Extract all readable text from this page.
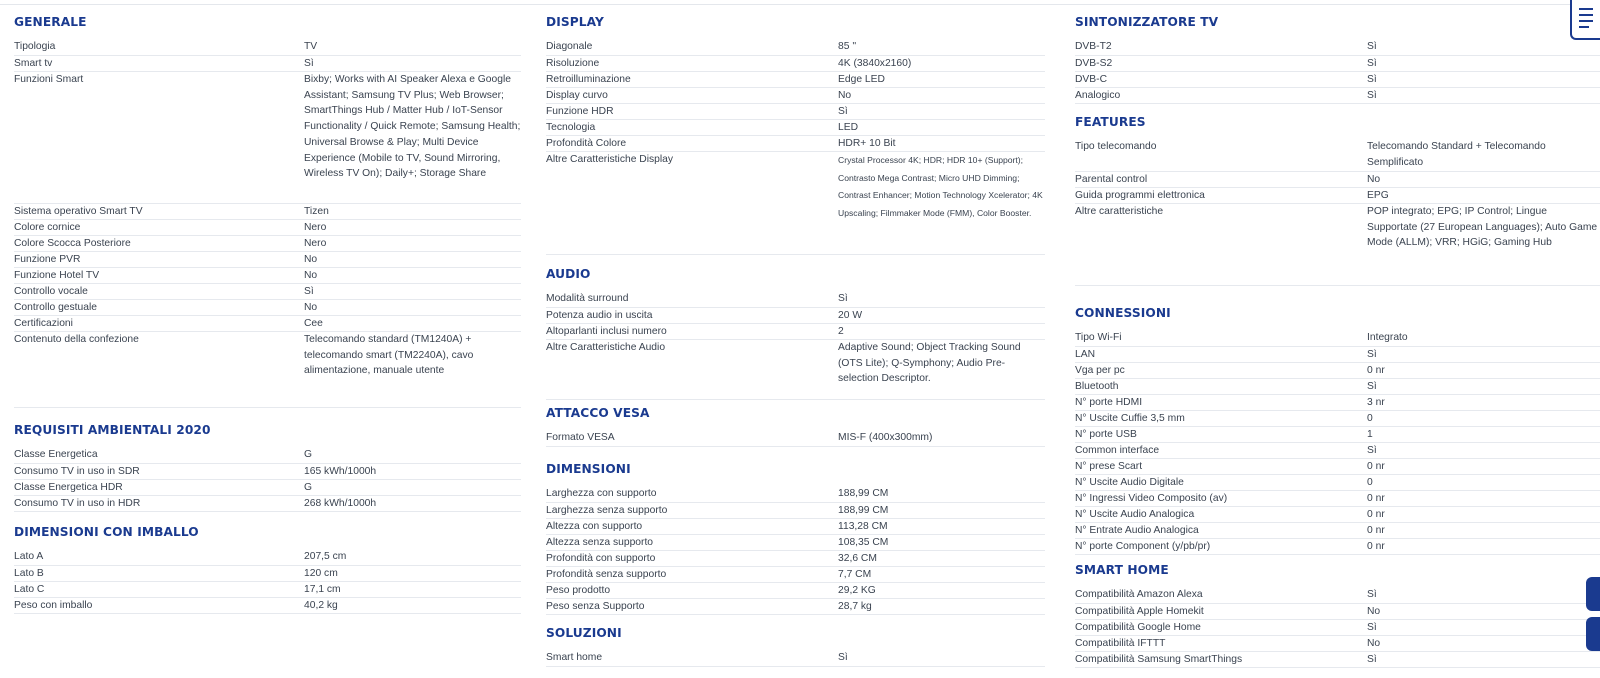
GENERALE
Tipologia	TV
Smart tv	Sì
Funzioni Smart	Bixby; Works with AI Speaker Alexa e Google Assistant; Samsung TV Plus; Web Browser; SmartThings Hub / Matter Hub / IoT-Sensor Functionality / Quick Remote; Samsung Health; Universal Browse & Play; Multi Device Experience (Mobile to TV, Sound Mirroring, Wireless TV On); Daily+; Storage Share
Sistema operativo Smart TV	Tizen
Colore cornice	Nero
Colore Scocca Posteriore	Nero
Funzione PVR	No
Funzione Hotel TV	No
Controllo vocale	Sì
Controllo gestuale	No
Certificazioni	Cee
Contenuto della confezione	Telecomando standard (TM1240A) + telecomando smart (TM2240A), cavo alimentazione, manuale utente
REQUISITI AMBIENTALI 2020
Classe Energetica	G
Consumo TV in uso in SDR	165 kWh/1000h
Classe Energetica HDR	G
Consumo TV in uso in HDR	268 kWh/1000h
DIMENSIONI CON IMBALLO
Lato A	207,5 cm
Lato B	120 cm
Lato C	17,1 cm
Peso con imballo	40,2 kg
DISPLAY
Diagonale	85 ''
Risoluzione	4K (3840x2160)
Retroilluminazione	Edge LED
Display curvo	No
Funzione HDR	Sì
Tecnologia	LED
Profondità Colore	HDR+ 10 Bit
Altre Caratteristiche Display	Crystal Processor 4K; HDR; HDR 10+ (Support); Contrasto Mega Contrast; Micro UHD Dimming; Contrast Enhancer; Motion Technology Xcelerator; 4K Upscaling; Filmmaker Mode (FMM), Color Booster.
AUDIO
Modalità surround	Sì
Potenza audio in uscita	20 W
Altoparlanti inclusi numero	2
Altre Caratteristiche Audio	Adaptive Sound; Object Tracking Sound (OTS Lite); Q-Symphony; Audio Pre-selection Descriptor.
ATTACCO VESA
Formato VESA	MIS-F (400x300mm)
DIMENSIONI
Larghezza con supporto	188,99 CM
Larghezza senza supporto	188,99 CM
Altezza con supporto	113,28 CM
Altezza senza supporto	108,35 CM
Profondità con supporto	32,6 CM
Profondità senza supporto	7,7 CM
Peso prodotto	29,2 KG
Peso senza Supporto	28,7 kg
SOLUZIONI
Smart home	Sì
SINTONIZZATORE TV
DVB-T2	Sì
DVB-S2	Sì
DVB-C	Sì
Analogico	Sì
FEATURES
Tipo telecomando	Telecomando Standard + Telecomando Semplificato
Parental control	No
Guida programmi elettronica	EPG
Altre caratteristiche	POP integrato; EPG; IP Control; Lingue Supportate (27 European Languages); Auto Game Mode (ALLM); VRR; HGiG; Gaming Hub
CONNESSIONI
Tipo Wi-Fi	Integrato
LAN	Sì
Vga per pc	0 nr
Bluetooth	Sì
N° porte HDMI	3 nr
N° Uscite Cuffie 3,5 mm	0
N° porte USB	1
Common interface	Sì
N° prese Scart	0 nr
N° Uscite Audio Digitale	0
N° Ingressi Video Composito (av)	0 nr
N° Uscite Audio Analogica	0 nr
N° Entrate Audio Analogica	0 nr
N° porte Component (y/pb/pr)	0 nr
SMART HOME
Compatibilità Amazon Alexa	Sì
Compatibilità Apple Homekit	No
Compatibilità Google Home	Sì
Compatibilità IFTTT	No
Compatibilità Samsung SmartThings	Sì
